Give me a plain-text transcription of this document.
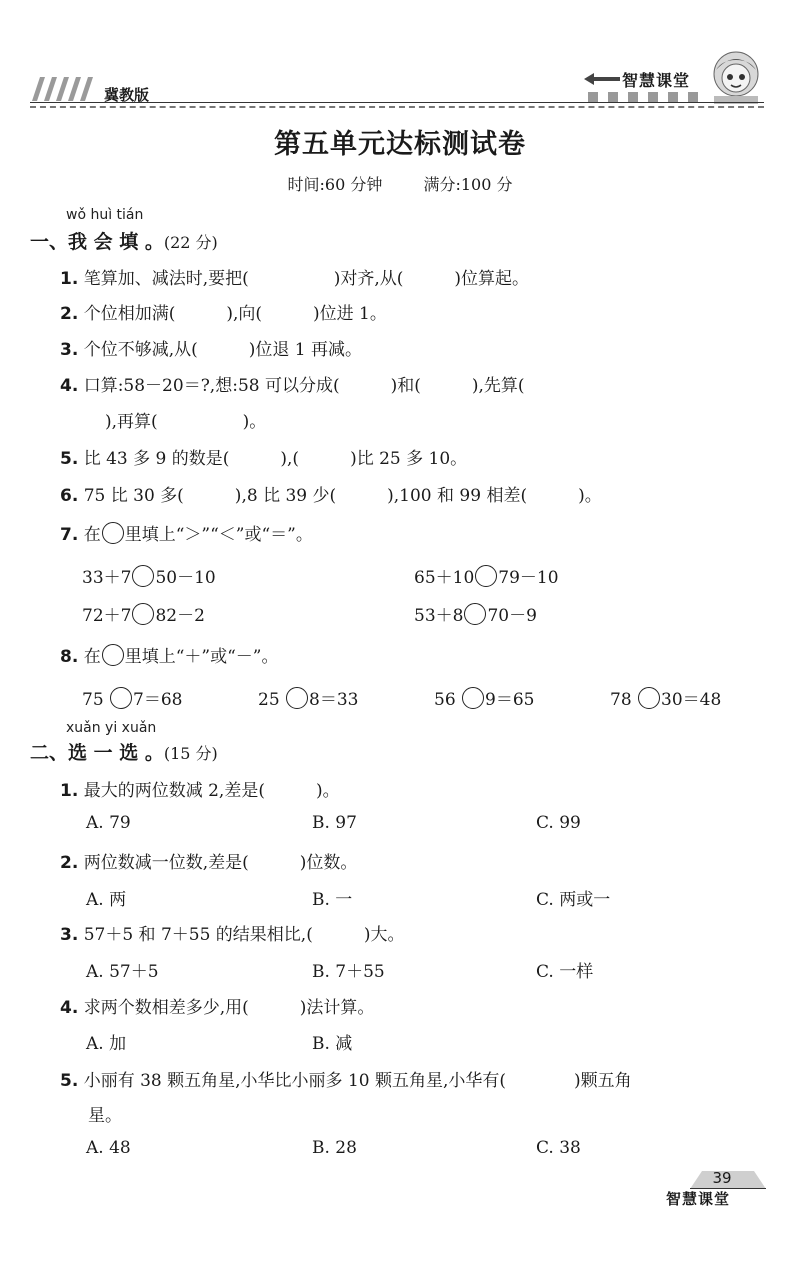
冀教版
智慧课堂
第五单元达标测试卷
时间:60 分钟	满分:100 分
wǒ huì tián
一、我 会 填 。(22 分)
1. 笔算加、减法时,要把(　　　　　)对齐,从(　　　)位算起。
2. 个位相加满(　　　),向(　　　)位进 1。
3. 个位不够减,从(　　　)位退 1 再减。
4. 口算:58－20＝?,想:58 可以分成(　　　)和(　　　),先算(
　),再算(　　　　　)。
5. 比 43 多 9 的数是(　　　),(　　　)比 25 多 10。
6. 75 比 30 多(　　　),8 比 39 少(　　　),100 和 99 相差(　　　)。
7. 在 里填上“＞”“＜”或“＝”。
33＋7 50－10	65＋10 79－10
72＋7 82－2	53＋8 70－9
8. 在 里填上“＋”或“－”。
75 7＝68	25 8＝33	56 9＝65	78 30＝48
xuǎn yi xuǎn
二、选 一 选 。(15 分)
1. 最大的两位数减 2,差是(　　　)。
A. 79	B. 97	C. 99
2. 两位数减一位数,差是(　　　)位数。
A. 两	B. 一	C. 两或一
3. 57＋5 和 7＋55 的结果相比,(　　　)大。
A. 57＋5	B. 7＋55	C. 一样
4. 求两个数相差多少,用(　　　)法计算。
A. 加	B. 减
5. 小丽有 38 颗五角星,小华比小丽多 10 颗五角星,小华有(　　　　)颗五角
星。
A. 48	B. 28	C. 38
39
智慧课堂
